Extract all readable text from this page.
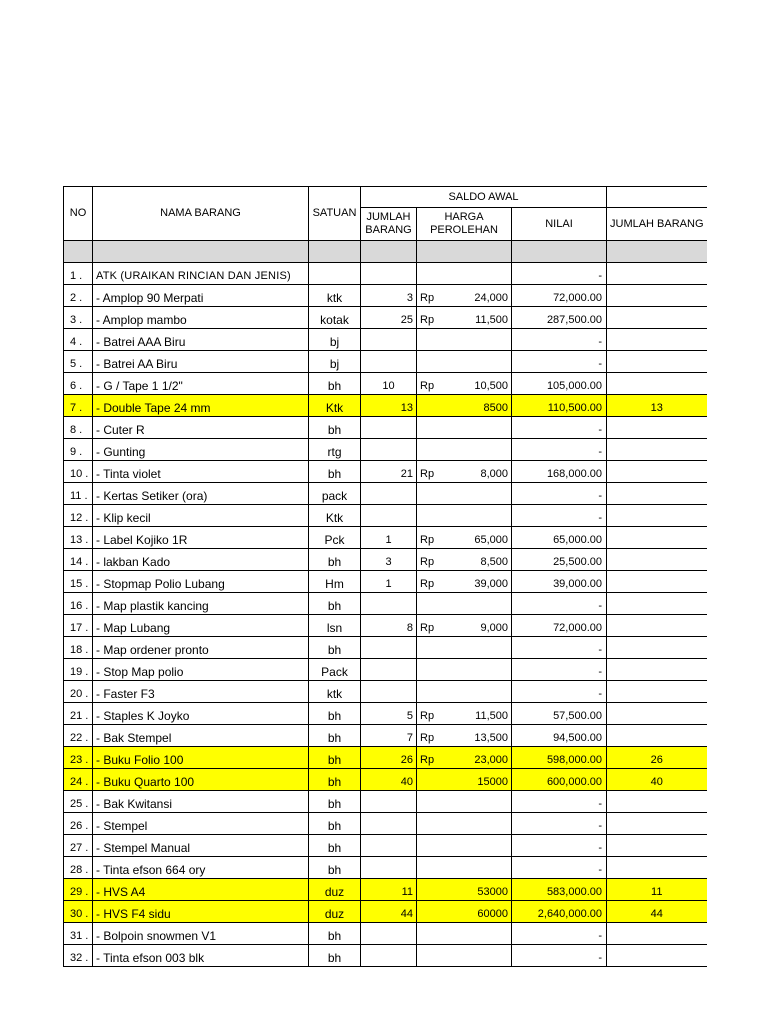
NO	NAMA BARANG	SATUAN	SALDO AWAL			
			JUMLAH BARANG	HARGA PEROLEHAN	NILAI	JUMLAH BARANG

1 .	ATK (URAIKAN RINCIAN DAN JENIS)				-	
2 .	- Amplop 90 Merpati	ktk	3	Rp 24,000	72,000.00	
3 .	- Amplop mambo	kotak	25	Rp 11,500	287,500.00	
4 .	- Batrei AAA Biru	bj			-	
5 .	- Batrei AA Biru	bj			-	
6 .	- G / Tape 1 1/2"	bh	10	Rp 10,500	105,000.00	
7 .	- Double Tape 24 mm	Ktk	13	8500	110,500.00	13
8 .	- Cuter R	bh			-	
9 .	- Gunting	rtg			-	
10 .	- Tinta violet	bh	21	Rp 8,000	168,000.00	
11 .	- Kertas Setiker (ora)	pack			-	
12 .	- Klip kecil	Ktk			-	
13 .	- Label Kojiko 1R	Pck	1	Rp 65,000	65,000.00	
14 .	- lakban Kado	bh	3	Rp 8,500	25,500.00	
15 .	- Stopmap Polio Lubang	Hm	1	Rp 39,000	39,000.00	
16 .	- Map plastik kancing	bh			-	
17 .	- Map Lubang	lsn	8	Rp 9,000	72,000.00	
18 .	- Map ordener pronto	bh			-	
19 .	- Stop Map polio	Pack			-	
20 .	- Faster F3	ktk			-	
21 .	- Staples K Joyko	bh	5	Rp 11,500	57,500.00	
22 .	- Bak Stempel	bh	7	Rp 13,500	94,500.00	
23 .	- Buku Folio 100	bh	26	Rp 23,000	598,000.00	26
24 .	- Buku Quarto 100	bh	40	15000	600,000.00	40
25 .	- Bak Kwitansi	bh			-	
26 .	- Stempel	bh			-	
27 .	- Stempel Manual	bh			-	
28 .	- Tinta efson 664 ory	bh			-	
29 .	- HVS A4	duz	11	53000	583,000.00	11
30 .	- HVS F4 sidu	duz	44	60000	2,640,000.00	44
31 .	- Bolpoin snowmen V1	bh			-	
32 .	- Tinta efson 003 blk	bh			-	
